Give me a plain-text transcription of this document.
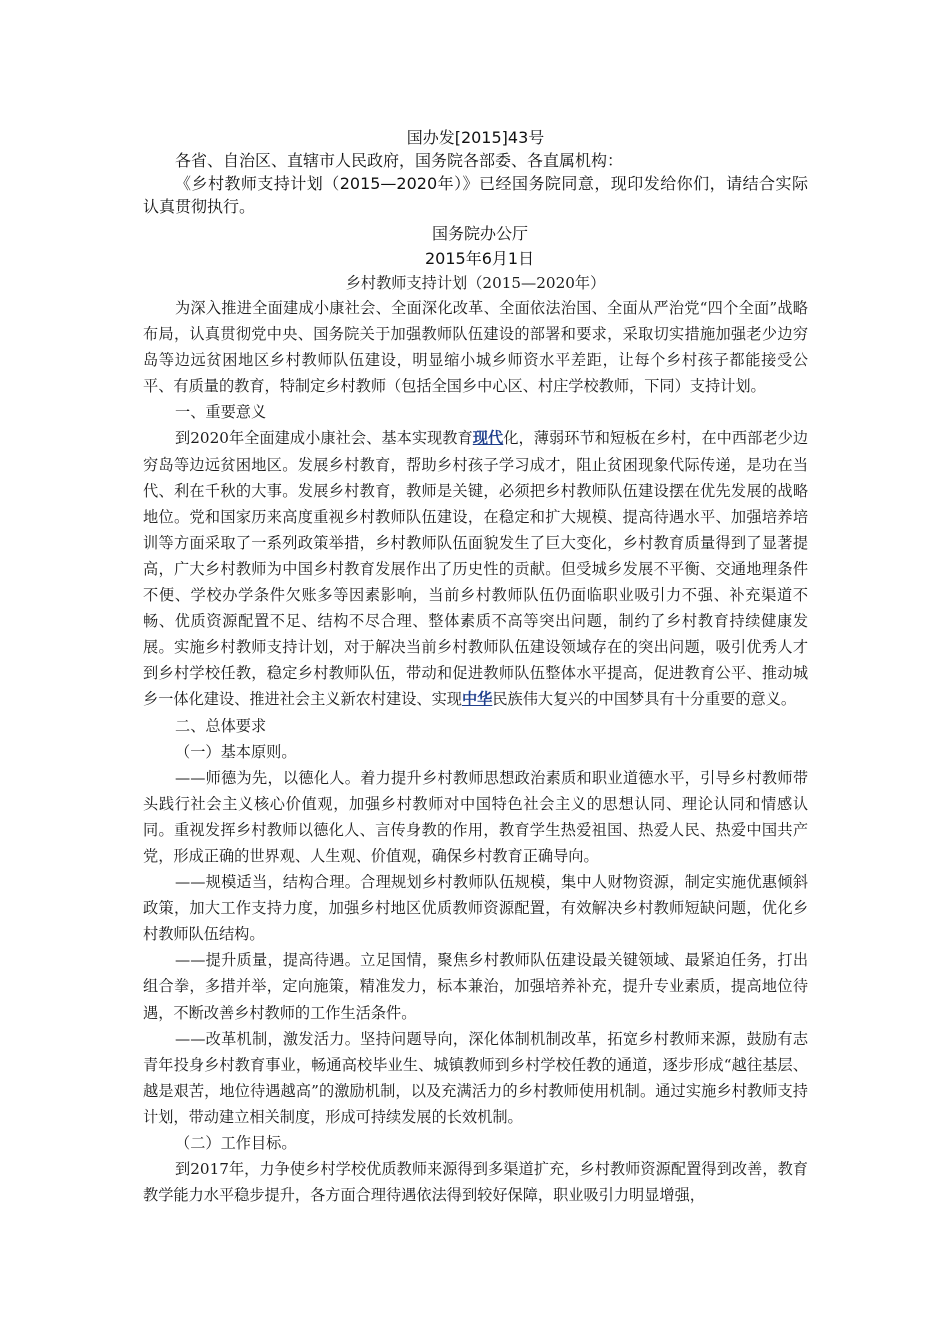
国办发[2015]43号

各省、自治区、直辖市人民政府，国务院各部委、各直属机构：

《乡村教师支持计划（2015—2020年）》已经国务院同意，现印发给你们，请结合实际认真贯彻执行。

国务院办公厅

2015年6月1日

乡村教师支持计划（2015—2020年）

为深入推进全面建成小康社会、全面深化改革、全面依法治国、全面从严治党“四个全面”战略布局，认真贯彻党中央、国务院关于加强教师队伍建设的部署和要求，采取切实措施加强老少边穷岛等边远贫困地区乡村教师队伍建设，明显缩小城乡师资水平差距，让每个乡村孩子都能接受公平、有质量的教育，特制定乡村教师（包括全国乡中心区、村庄学校教师，下同）支持计划。

一、重要意义

到2020年全面建成小康社会、基本实现教育现代化，薄弱环节和短板在乡村，在中西部老少边穷岛等边远贫困地区。发展乡村教育，帮助乡村孩子学习成才，阻止贫困现象代际传递，是功在当代、利在千秋的大事。发展乡村教育，教师是关键，必须把乡村教师队伍建设摆在优先发展的战略地位。党和国家历来高度重视乡村教师队伍建设，在稳定和扩大规模、提高待遇水平、加强培养培训等方面采取了一系列政策举措，乡村教师队伍面貌发生了巨大变化，乡村教育质量得到了显著提高，广大乡村教师为中国乡村教育发展作出了历史性的贡献。但受城乡发展不平衡、交通地理条件不便、学校办学条件欠账多等因素影响，当前乡村教师队伍仍面临职业吸引力不强、补充渠道不畅、优质资源配置不足、结构不尽合理、整体素质不高等突出问题，制约了乡村教育持续健康发展。实施乡村教师支持计划，对于解决当前乡村教师队伍建设领域存在的突出问题，吸引优秀人才到乡村学校任教，稳定乡村教师队伍，带动和促进教师队伍整体水平提高，促进教育公平、推动城乡一体化建设、推进社会主义新农村建设、实现中华民族伟大复兴的中国梦具有十分重要的意义。

二、总体要求

（一）基本原则。

——师德为先，以德化人。着力提升乡村教师思想政治素质和职业道德水平，引导乡村教师带头践行社会主义核心价值观，加强乡村教师对中国特色社会主义的思想认同、理论认同和情感认同。重视发挥乡村教师以德化人、言传身教的作用，教育学生热爱祖国、热爱人民、热爱中国共产党，形成正确的世界观、人生观、价值观，确保乡村教育正确导向。

——规模适当，结构合理。合理规划乡村教师队伍规模，集中人财物资源，制定实施优惠倾斜政策，加大工作支持力度，加强乡村地区优质教师资源配置，有效解决乡村教师短缺问题，优化乡村教师队伍结构。

——提升质量，提高待遇。立足国情，聚焦乡村教师队伍建设最关键领域、最紧迫任务，打出组合拳，多措并举，定向施策，精准发力，标本兼治，加强培养补充，提升专业素质，提高地位待遇，不断改善乡村教师的工作生活条件。

——改革机制，激发活力。坚持问题导向，深化体制机制改革，拓宽乡村教师来源，鼓励有志青年投身乡村教育事业，畅通高校毕业生、城镇教师到乡村学校任教的通道，逐步形成“越往基层、越是艰苦，地位待遇越高”的激励机制，以及充满活力的乡村教师使用机制。通过实施乡村教师支持计划，带动建立相关制度，形成可持续发展的长效机制。

（二）工作目标。

到2017年，力争使乡村学校优质教师来源得到多渠道扩充，乡村教师资源配置得到改善，教育教学能力水平稳步提升，各方面合理待遇依法得到较好保障，职业吸引力明显增强，
